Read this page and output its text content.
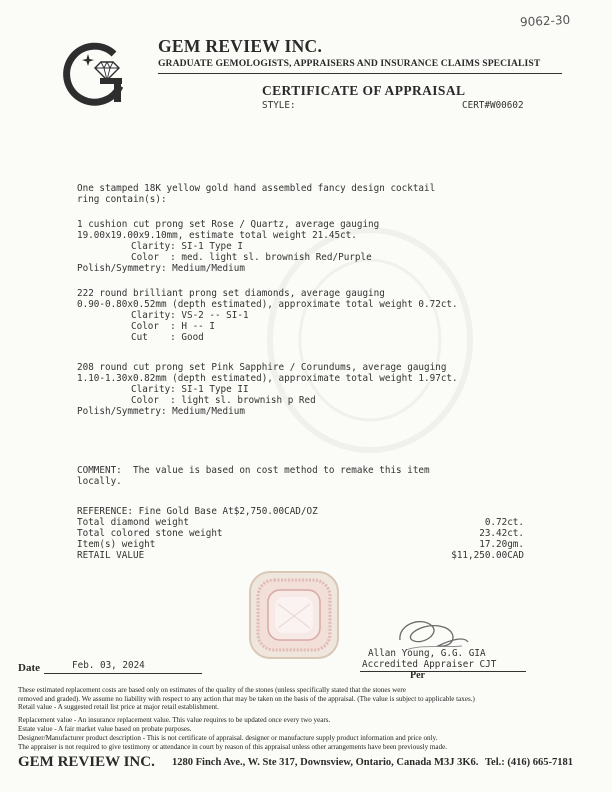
9062-30
GEM REVIEW INC.
GRADUATE GEMOLOGISTS, APPRAISERS AND INSURANCE CLAIMS SPECIALIST
CERTIFICATE OF APPRAISAL
STYLE:	CERT#W00602
One stamped 18K yellow gold hand assembled fancy design cocktail
ring contain(s):
1 cushion cut prong set Rose / Quartz, average gauging
19.00x19.00x9.10mm, estimate total weight 21.45ct.
Clarity: SI-1 Type I
Color  : med. light sl. brownish Red/Purple
Polish/Symmetry: Medium/Medium
222 round brilliant prong set diamonds, average gauging
0.90-0.80x0.52mm (depth estimated), approximate total weight 0.72ct.
Clarity: VS-2 -- SI-1
Color  : H -- I
Cut    : Good
208 round cut prong set Pink Sapphire / Corundums, average gauging
1.10-1.30x0.82mm (depth estimated), approximate total weight 1.97ct.
Clarity: SI-1 Type II
Color  : light sl. brownish p Red
Polish/Symmetry: Medium/Medium
COMMENT:  The value is based on cost method to remake this item
locally.
REFERENCE: Fine Gold Base At$2,750.00CAD/OZ
Total diamond weight	0.72ct.
Total colored stone weight	23.42ct.
Item(s) weight	17.20gm.
RETAIL VALUE	$11,250.00CAD
Allan Young, G.G. GIA
Accredited Appraiser CJT
Per
Date	Feb. 03, 2024
These estimated replacement costs are based only on estimates of the quality of the stones (unless specifically stated that the stones were
removed and graded). We assume no liability with respect to any action that may be taken on the basis of the appraisal. (The value is subject to applicable taxes.)
Retail value - A suggested retail list price at major retail establishment.
Replacement value - An insurance replacement value. This value requires to be updated once every two years.
Estate value - A fair market value based on probate purposes.
Designer/Manufacturer product description - This is not certificate of appraisal. designer or manufacture supply product information and price only.
The appraiser is not required to give testimony or attendance in court by reason of this appraisal unless other arrangements have been previously made.
GEM REVIEW INC. 1280 Finch Ave., W. Ste 317, Downsview, Ontario, Canada M3J 3K6. Tel.: (416) 665-7181
